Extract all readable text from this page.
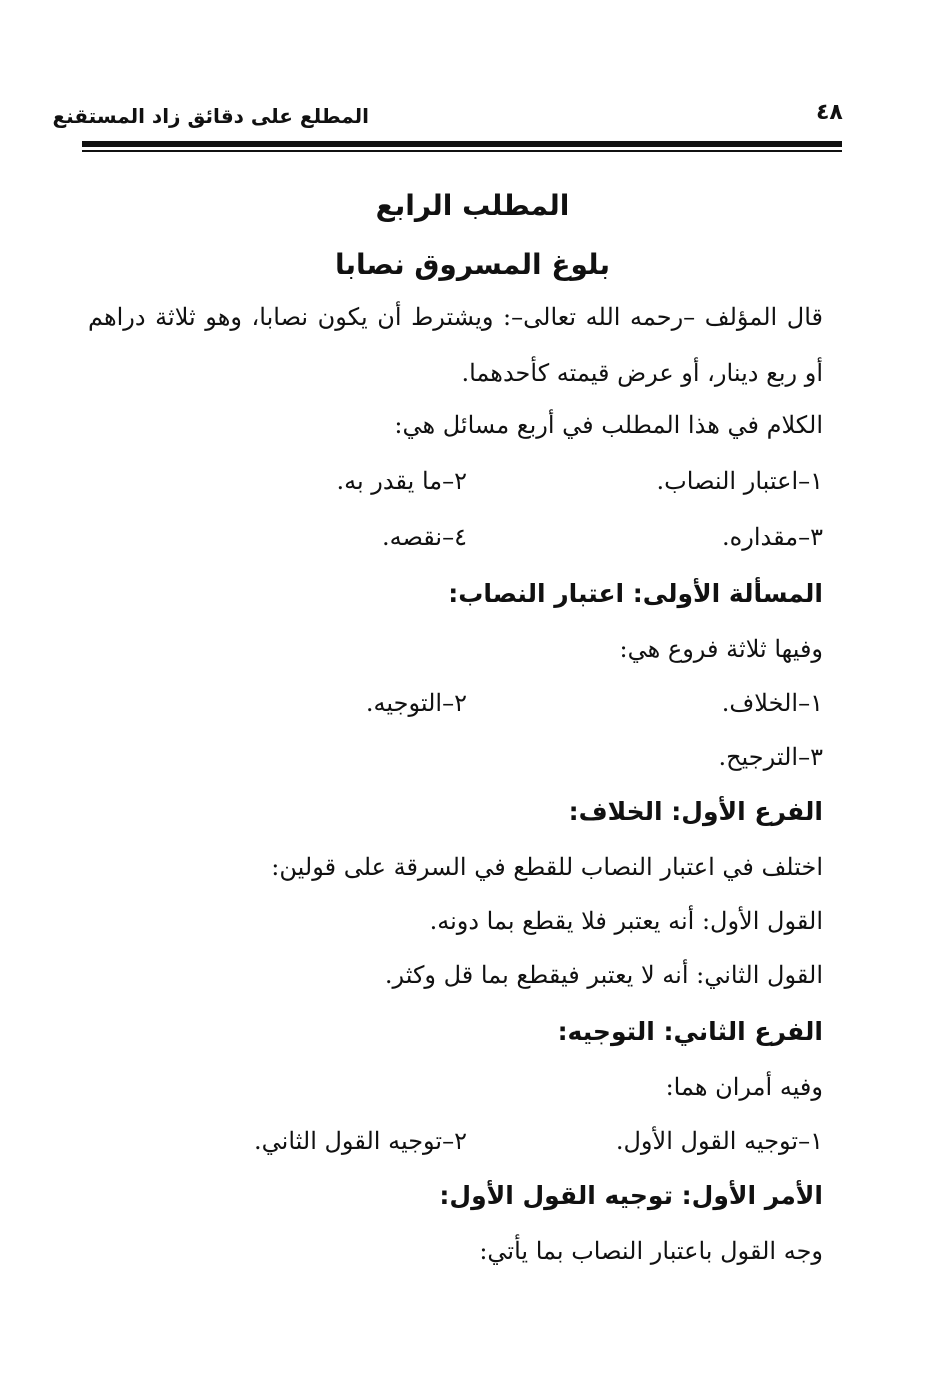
٤٨
المطلع على دقائق زاد المستقنع
المطلب الرابع
بلوغ المسروق نصابا
قال المؤلف –رحمه الله تعالى–: ويشترط أن يكون نصابا، وهو ثلاثة دراهم
أو ربع دينار، أو عرض قيمته كأحدهما.
الكلام في هذا المطلب في أربع مسائل هي:
١–اعتبار النصاب.
٢–ما يقدر به.
٣–مقداره.
٤–نقصه.
المسألة الأولى: اعتبار النصاب:
وفيها ثلاثة فروع هي:
١–الخلاف.
٢–التوجيه.
٣–الترجيح.
الفرع الأول: الخلاف:
اختلف في اعتبار النصاب للقطع في السرقة على قولين:
القول الأول: أنه يعتبر فلا يقطع بما دونه.
القول الثاني: أنه لا يعتبر فيقطع بما قل وكثر.
الفرع الثاني: التوجيه:
وفيه أمران هما:
١–توجيه القول الأول.
٢–توجيه القول الثاني.
الأمر الأول: توجيه القول الأول:
وجه القول باعتبار النصاب بما يأتي:
